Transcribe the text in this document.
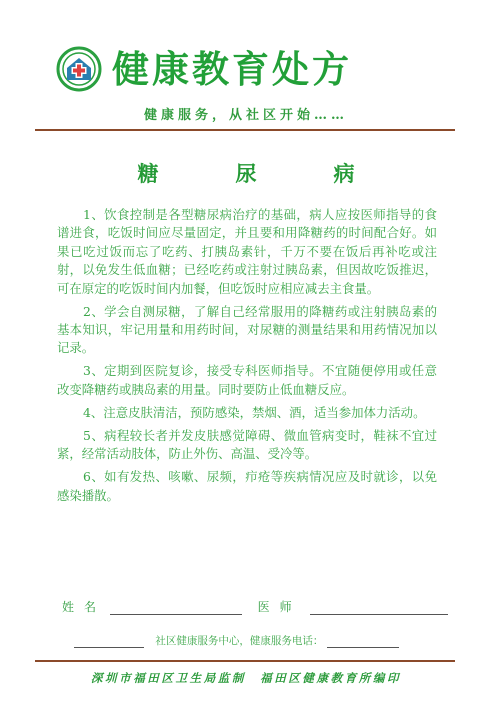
健康教育处方
健康服务，从社区开始……
糖　尿　病

1、饮食控制是各型糖尿病治疗的基础，病人应按医师指导的食谱进食，吃饭时间应尽量固定，并且要和用降糖药的时间配合好。如果已吃过饭而忘了吃药、打胰岛素针，千万不要在饭后再补吃或注射，以免发生低血糖；已经吃药或注射过胰岛素，但因故吃饭推迟，可在原定的吃饭时间内加餐，但吃饭时应相应减去主食量。

2、学会自测尿糖，了解自己经常服用的降糖药或注射胰岛素的基本知识，牢记用量和用药时间，对尿糖的测量结果和用药情况加以记录。

3、定期到医院复诊，接受专科医师指导。不宜随便停用或任意改变降糖药或胰岛素的用量。同时要防止低血糖反应。

4、注意皮肤清洁，预防感染，禁烟、酒，适当参加体力活动。

5、病程较长者并发皮肤感觉障碍、微血管病变时，鞋袜不宜过紧，经常活动肢体，防止外伤、高温、受冷等。

6、如有发热、咳嗽、尿频，疖疮等疾病情况应及时就诊，以免感染播散。

姓名	医师
社区健康服务中心，健康服务电话：
深圳市福田区卫生局监制　福田区健康教育所编印
